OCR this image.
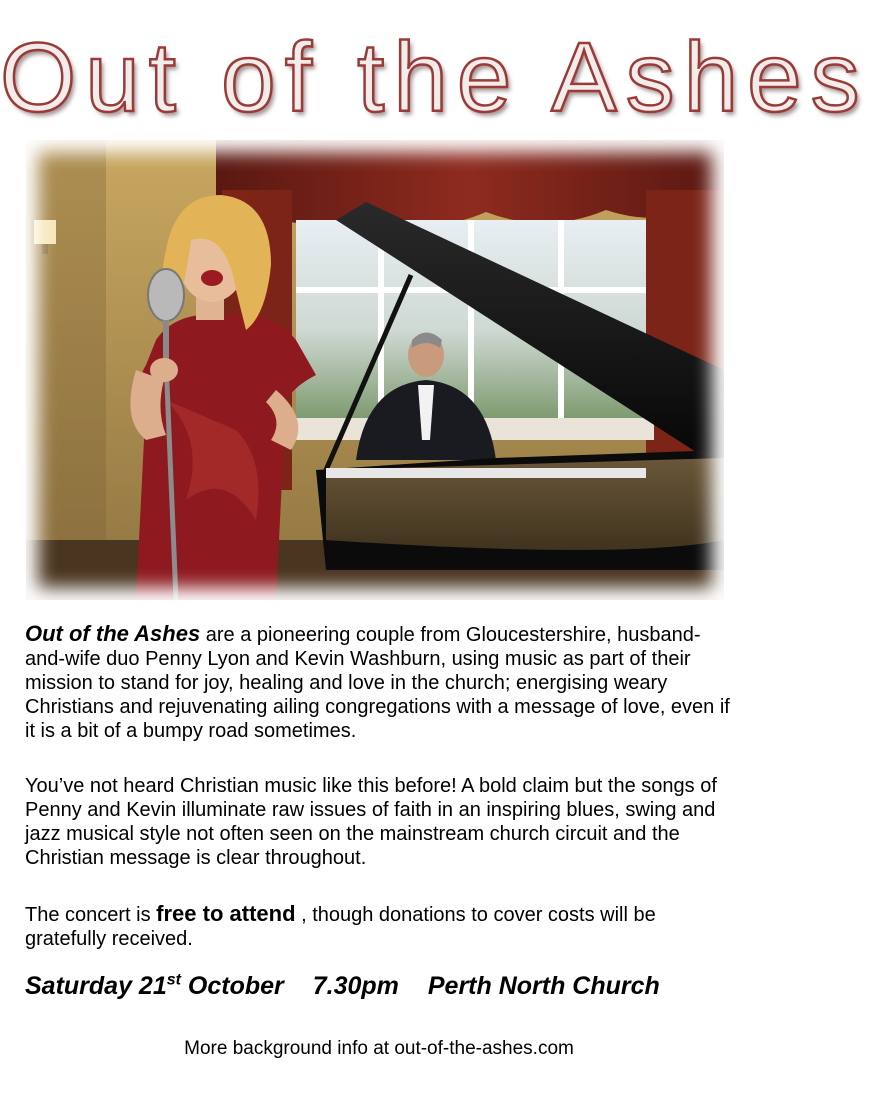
Out of the Ashes
Out of the Ashes are a pioneering couple from Gloucestershire, husband-and-wife duo Penny Lyon and Kevin Washburn, using music as part of their mission to stand for joy, healing and love in the church; energising weary Christians and rejuvenating ailing congregations with a message of love, even if it is a bit of a bumpy road sometimes.
You’ve not heard Christian music like this before! A bold claim but the songs of Penny and Kevin illuminate raw issues of faith in an inspiring blues, swing and jazz musical style not often seen on the mainstream church circuit and the Christian message is clear throughout.
The concert is free to attend , though donations to cover costs will be gratefully received.
Saturday 21st October 7.30pm Perth North Church
More background info at out-of-the-ashes.com
